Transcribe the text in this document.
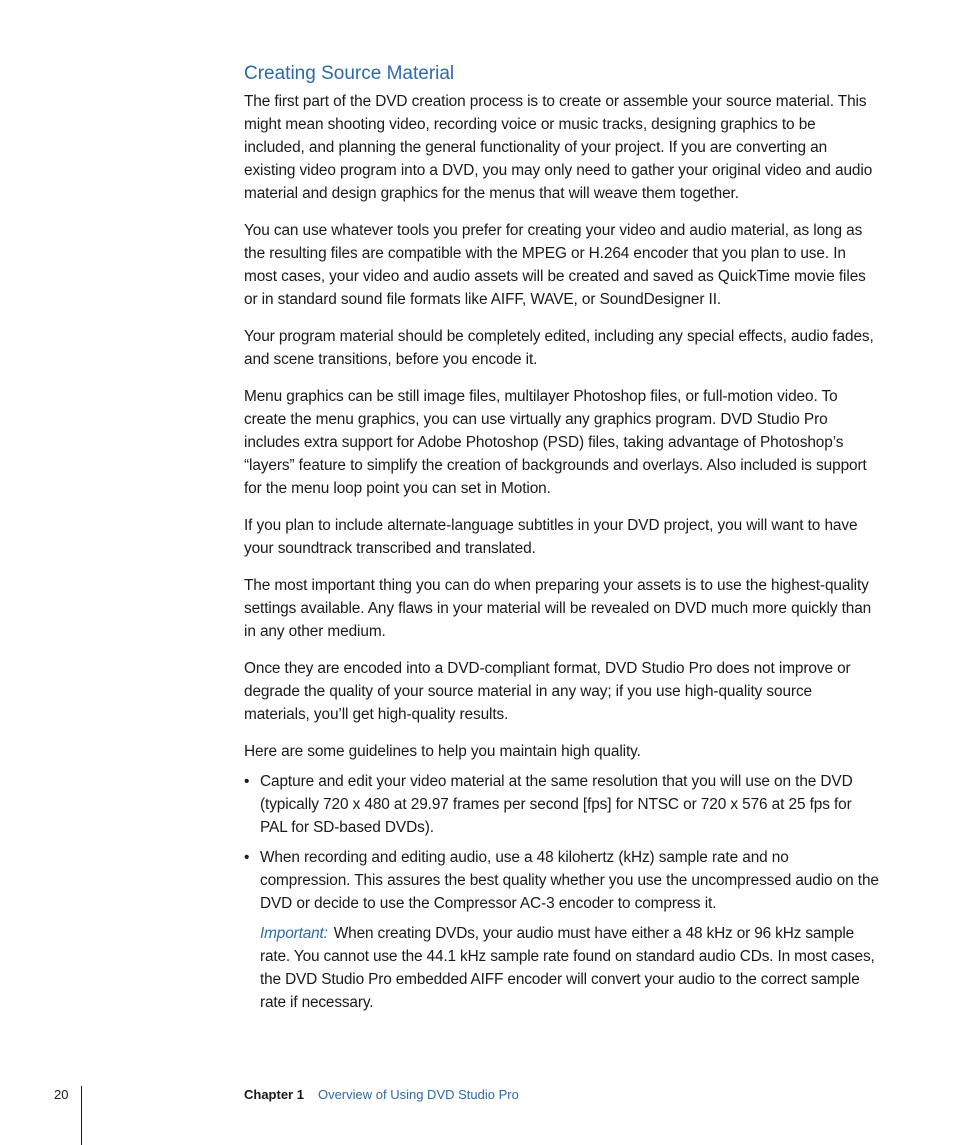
Creating Source Material

The first part of the DVD creation process is to create or assemble your source material. This might mean shooting video, recording voice or music tracks, designing graphics to be included, and planning the general functionality of your project. If you are converting an existing video program into a DVD, you may only need to gather your original video and audio material and design graphics for the menus that will weave them together.

You can use whatever tools you prefer for creating your video and audio material, as long as the resulting files are compatible with the MPEG or H.264 encoder that you plan to use. In most cases, your video and audio assets will be created and saved as QuickTime movie files or in standard sound file formats like AIFF, WAVE, or SoundDesigner II.

Your program material should be completely edited, including any special effects, audio fades, and scene transitions, before you encode it.

Menu graphics can be still image files, multilayer Photoshop files, or full-motion video. To create the menu graphics, you can use virtually any graphics program. DVD Studio Pro includes extra support for Adobe Photoshop (PSD) files, taking advantage of Photoshop’s “layers” feature to simplify the creation of backgrounds and overlays. Also included is support for the menu loop point you can set in Motion.

If you plan to include alternate-language subtitles in your DVD project, you will want to have your soundtrack transcribed and translated.

The most important thing you can do when preparing your assets is to use the highest-quality settings available. Any flaws in your material will be revealed on DVD much more quickly than in any other medium.

Once they are encoded into a DVD-compliant format, DVD Studio Pro does not improve or degrade the quality of your source material in any way; if you use high-quality source materials, you’ll get high-quality results.

Here are some guidelines to help you maintain high quality.

• Capture and edit your video material at the same resolution that you will use on the DVD (typically 720 x 480 at 29.97 frames per second [fps] for NTSC or 720 x 576 at 25 fps for PAL for SD-based DVDs).

• When recording and editing audio, use a 48 kilohertz (kHz) sample rate and no compression. This assures the best quality whether you use the uncompressed audio on the DVD or decide to use the Compressor AC-3 encoder to compress it.

Important: When creating DVDs, your audio must have either a 48 kHz or 96 kHz sample rate. You cannot use the 44.1 kHz sample rate found on standard audio CDs. In most cases, the DVD Studio Pro embedded AIFF encoder will convert your audio to the correct sample rate if necessary.

20	Chapter 1 Overview of Using DVD Studio Pro
